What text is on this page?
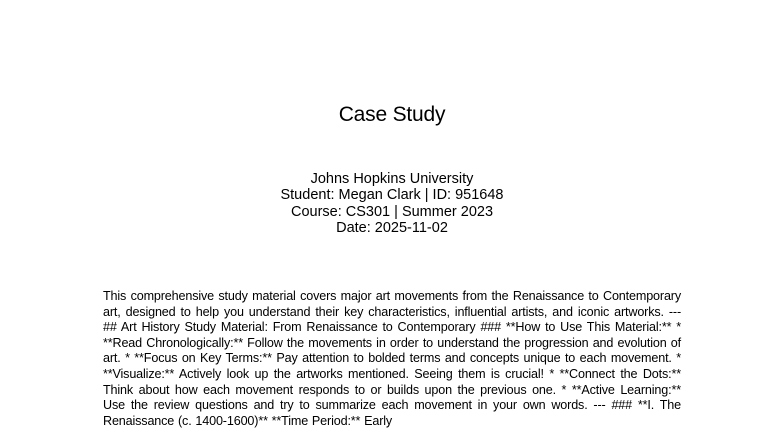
Case Study
Johns Hopkins University
Student: Megan Clark | ID: 951648
Course: CS301 | Summer 2023
Date: 2025-11-02
This comprehensive study material covers major art movements from the Renaissance to Contemporary art, designed to help you understand their key characteristics, influential artists, and iconic artworks. --- ## Art History Study Material: From Renaissance to Contemporary ### **How to Use This Material:** * **Read Chronologically:** Follow the movements in order to understand the progression and evolution of art. * **Focus on Key Terms:** Pay attention to bolded terms and concepts unique to each movement. * **Visualize:** Actively look up the artworks mentioned. Seeing them is crucial! * **Connect the Dots:** Think about how each movement responds to or builds upon the previous one. * **Active Learning:** Use the review questions and try to summarize each movement in your own words. --- ### **I. The Renaissance (c. 1400-1600)** **Time Period:** Early
